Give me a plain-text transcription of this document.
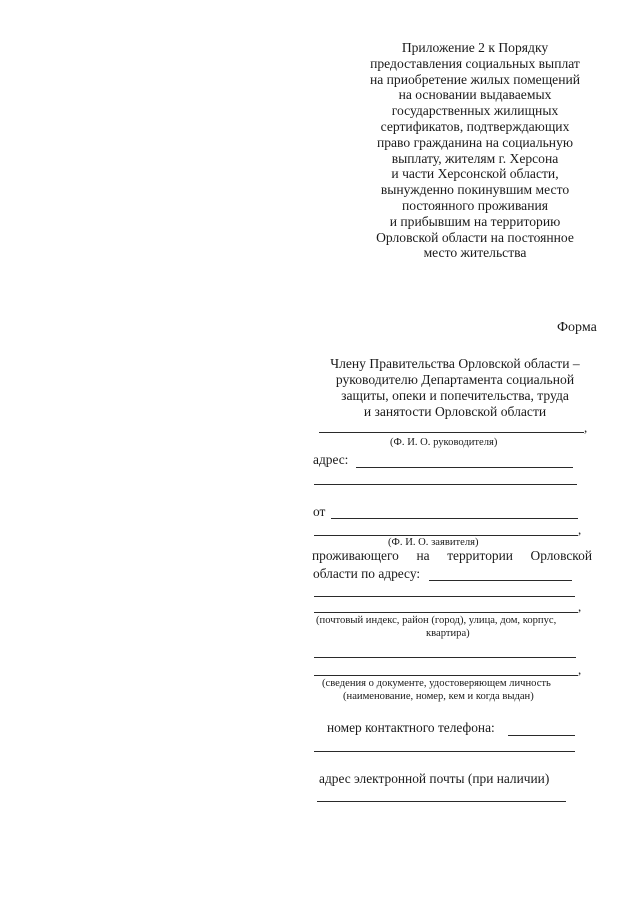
Приложение 2 к Порядку
предоставления социальных выплат
на приобретение жилых помещений
на основании выдаваемых
государственных жилищных
сертификатов, подтверждающих
право гражданина на социальную
выплату, жителям г. Херсона
и части Херсонской области,
вынужденно покинувшим место
постоянного проживания
и прибывшим на территорию
Орловской области на постоянное
место жительства
Форма
Члену Правительства Орловской области –
руководителю Департамента социальной
защиты, опеки и попечительства, труда
и занятости Орловской области
,
(Ф. И. О. руководителя)
адрес:
от
,
(Ф. И. О. заявителя)
проживающего на территории Орловской
области по адресу:
,
(почтовый индекс, район (город), улица, дом, корпус,
квартира)
,
(сведения о документе, удостоверяющем личность
(наименование, номер, кем и когда выдан)
номер контактного телефона:
адрес электронной почты (при наличии)
